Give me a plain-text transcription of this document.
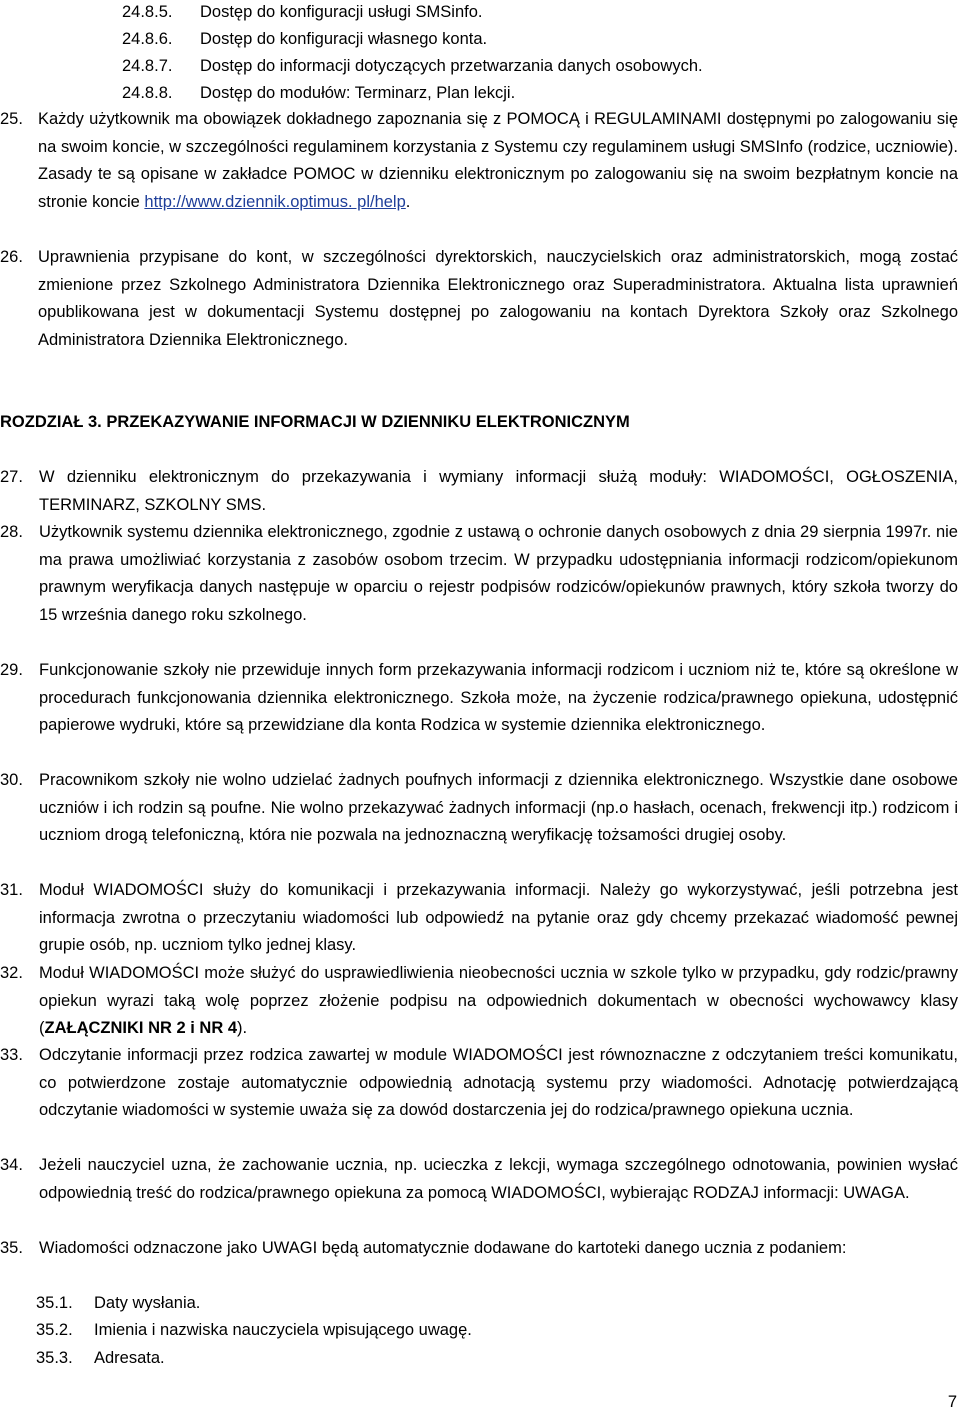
24.8.5. Dostęp do konfiguracji usługi SMSinfo.
24.8.6. Dostęp do konfiguracji własnego konta.
24.8.7. Dostęp do informacji dotyczących przetwarzania danych osobowych.
24.8.8. Dostęp do modułów: Terminarz, Plan lekcji.
25. Każdy użytkownik ma obowiązek dokładnego zapoznania się z POMOCĄ i REGULAMINAMI dostępnymi po zalogowaniu się na swoim koncie, w szczególności regulaminem korzystania z Systemu czy regulaminem usługi SMSInfo (rodzice, uczniowie). Zasady te są opisane w zakładce POMOC w dzienniku elektronicznym po zalogowaniu się na swoim bezpłatnym koncie na stronie koncie http://www.dziennik.optimus. pl/help.
26. Uprawnienia przypisane do kont, w szczególności dyrektorskich, nauczycielskich oraz administratorskich, mogą zostać zmienione przez Szkolnego Administratora Dziennika Elektronicznego oraz Superadministratora. Aktualna lista uprawnień opublikowana jest w dokumentacji Systemu dostępnej po zalogowaniu na kontach Dyrektora Szkoły oraz Szkolnego Administratora Dziennika Elektronicznego.
ROZDZIAŁ 3. PRZEKAZYWANIE INFORMACJI W DZIENNIKU ELEKTRONICZNYM
27. W dzienniku elektronicznym do przekazywania i wymiany informacji służą moduły: WIADOMOŚCI, OGŁOSZENIA, TERMINARZ, SZKOLNY SMS.
28. Użytkownik systemu dziennika elektronicznego, zgodnie z ustawą o ochronie danych osobowych z dnia 29 sierpnia 1997r. nie ma prawa umożliwiać korzystania z zasobów osobom trzecim. W przypadku udostępniania informacji rodzicom/opiekunom prawnym weryfikacja danych następuje w oparciu o rejestr podpisów rodziców/opiekunów prawnych, który szkoła tworzy do 15 września danego roku szkolnego.
29. Funkcjonowanie szkoły nie przewiduje innych form przekazywania informacji rodzicom i uczniom niż te, które są określone w procedurach funkcjonowania dziennika elektronicznego. Szkoła może, na życzenie rodzica/prawnego opiekuna, udostępnić papierowe wydruki, które są przewidziane dla konta Rodzica w systemie dziennika elektronicznego.
30. Pracownikom szkoły nie wolno udzielać żadnych poufnych informacji z dziennika elektronicznego. Wszystkie dane osobowe uczniów i ich rodzin są poufne. Nie wolno przekazywać żadnych informacji (np.o hasłach, ocenach, frekwencji itp.) rodzicom i uczniom drogą telefoniczną, która nie pozwala na jednoznaczną weryfikację tożsamości drugiej osoby.
31. Moduł WIADOMOŚCI służy do komunikacji i przekazywania informacji. Należy go wykorzystywać, jeśli potrzebna jest informacja zwrotna o przeczytaniu wiadomości lub odpowiedź na pytanie oraz gdy chcemy przekazać wiadomość pewnej grupie osób, np. uczniom tylko jednej klasy.
32. Moduł WIADOMOŚCI może służyć do usprawiedliwienia nieobecności ucznia w szkole tylko w przypadku, gdy rodzic/prawny opiekun wyrazi taką wolę poprzez złożenie podpisu na odpowiednich dokumentach w obecności wychowawcy klasy (ZAŁĄCZNIKI NR 2 i NR 4).
33. Odczytanie informacji przez rodzica zawartej w module WIADOMOŚCI jest równoznaczne z odczytaniem treści komunikatu, co potwierdzone zostaje automatycznie odpowiednią adnotacją systemu przy wiadomości. Adnotację potwierdzającą odczytanie wiadomości w systemie uważa się za dowód dostarczenia jej do rodzica/prawnego opiekuna ucznia.
34. Jeżeli nauczyciel uzna, że zachowanie ucznia, np. ucieczka z lekcji, wymaga szczególnego odnotowania, powinien wysłać odpowiednią treść do rodzica/prawnego opiekuna za pomocą WIADOMOŚCI, wybierając RODZAJ informacji: UWAGA.
35. Wiadomości odznaczone jako UWAGI będą automatycznie dodawane do kartoteki danego ucznia z podaniem:
35.1. Daty wysłania.
35.2. Imienia i nazwiska nauczyciela wpisującego uwagę.
35.3. Adresata.
7
